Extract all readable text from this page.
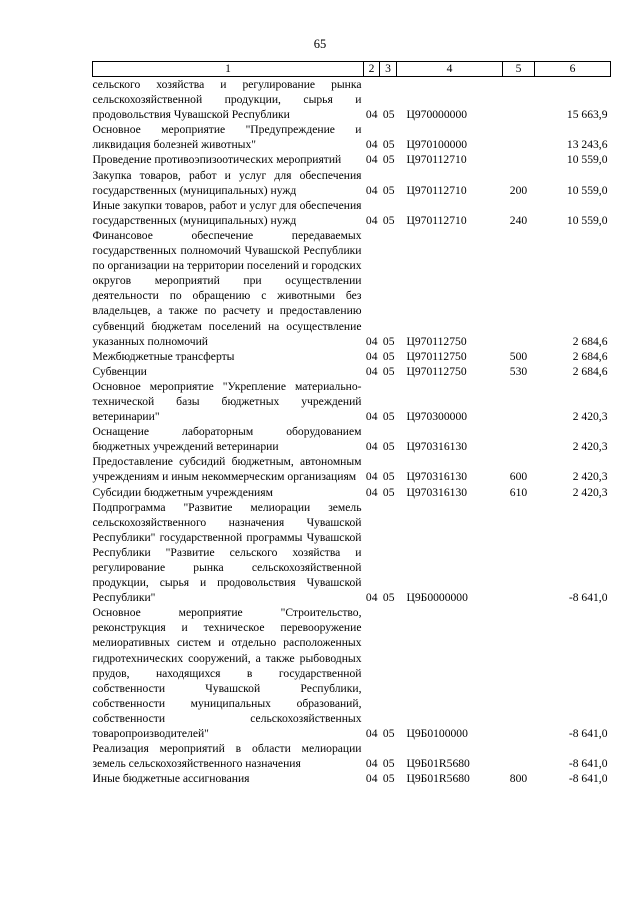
65
1	2	3	4	5	6
сельского хозяйства и регулирование рынка сельскохозяйственной продукции, сырья и продовольствия Чувашской Республики	04	05	Ц970000000		15 663,9
Основное мероприятие "Предупреждение и ликвидация болезней животных"	04	05	Ц970100000		13 243,6
Проведение противоэпизоотических мероприятий	04	05	Ц970112710		10 559,0
Закупка товаров, работ и услуг для обеспечения государственных (муниципальных) нужд	04	05	Ц970112710	200	10 559,0
Иные закупки товаров, работ и услуг для обеспечения государственных (муниципальных) нужд	04	05	Ц970112710	240	10 559,0
Финансовое обеспечение передаваемых государственных полномочий Чувашской Республики по организации на территории поселений и городских округов мероприятий при осуществлении деятельности по обращению с животными без владельцев, а также по расчету и предоставлению субвенций бюджетам поселений на осуществление указанных полномочий	04	05	Ц970112750		2 684,6
Межбюджетные трансферты	04	05	Ц970112750	500	2 684,6
Субвенции	04	05	Ц970112750	530	2 684,6
Основное мероприятие "Укрепление материально-технической базы бюджетных учреждений ветеринарии"	04	05	Ц970300000		2 420,3
Оснащение лабораторным оборудованием бюджетных учреждений ветеринарии	04	05	Ц970316130		2 420,3
Предоставление субсидий бюджетным, автономным учреждениям и иным некоммерческим организациям	04	05	Ц970316130	600	2 420,3
Субсидии бюджетным учреждениям	04	05	Ц970316130	610	2 420,3
Подпрограмма "Развитие мелиорации земель сельскохозяйственного назначения Чувашской Республики" государственной программы Чувашской Республики "Развитие сельского хозяйства и регулирование рынка сельскохозяйственной продукции, сырья и продовольствия Чувашской Республики"	04	05	Ц9Б0000000		-8 641,0
Основное мероприятие "Строительство, реконструкция и техническое перевооружение мелиоративных систем и отдельно расположенных гидротехнических сооружений, а также рыбоводных прудов, находящихся в государственной собственности Чувашской Республики, собственности муниципальных образований, собственности сельскохозяйственных товаропроизводителей"	04	05	Ц9Б0100000		-8 641,0
Реализация мероприятий в области мелиорации земель сельскохозяйственного назначения	04	05	Ц9Б01R5680		-8 641,0
Иные бюджетные ассигнования	04	05	Ц9Б01R5680	800	-8 641,0
